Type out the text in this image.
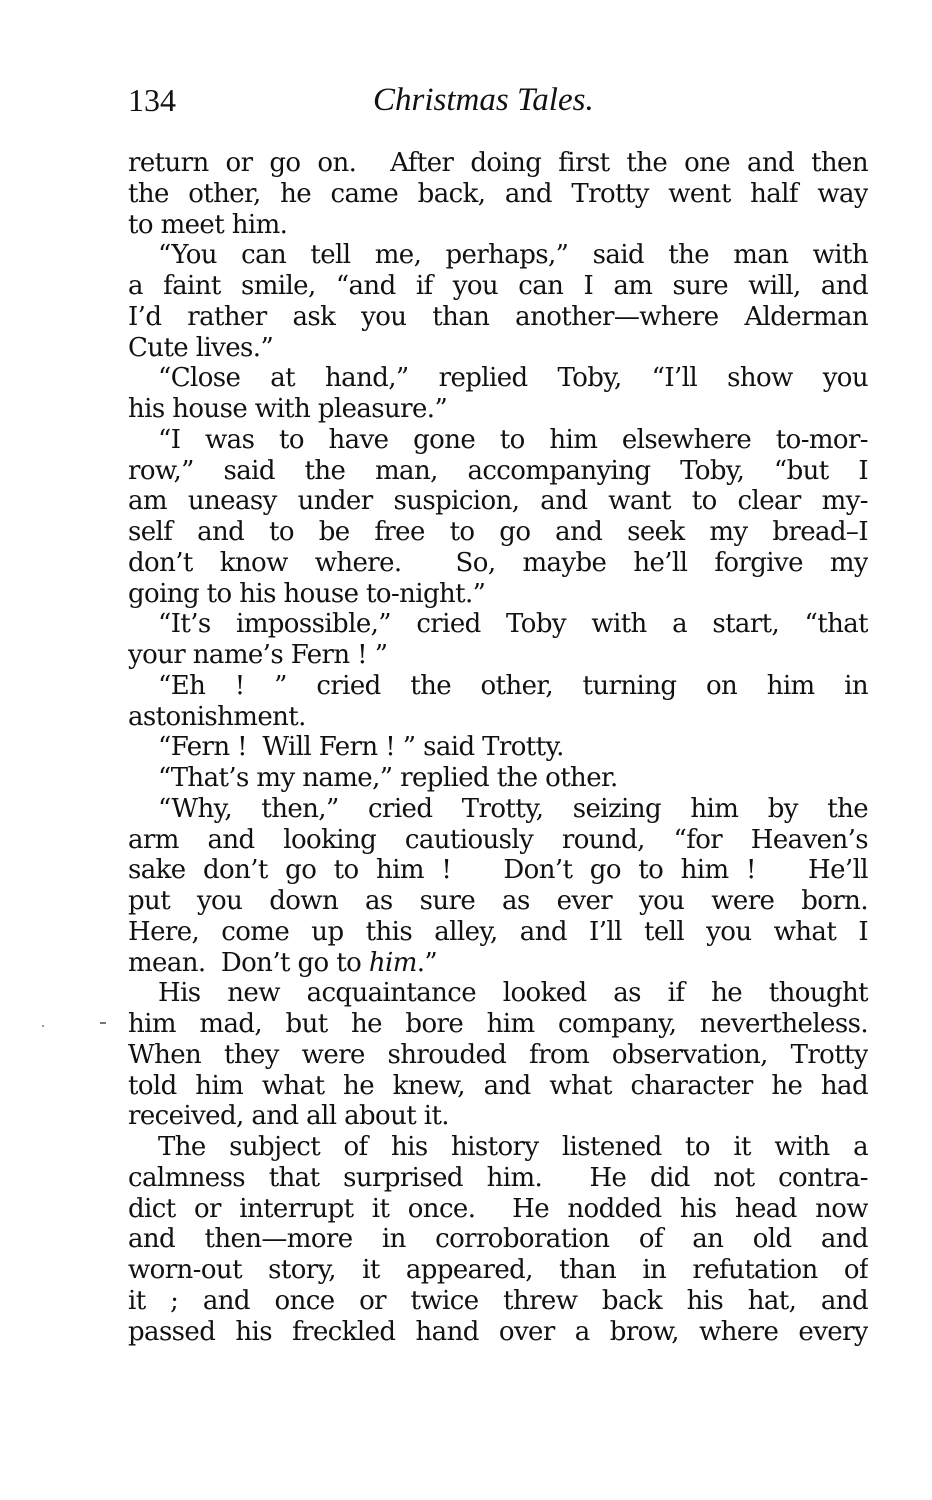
134	Christmas Tales.
return or go on.  After doing first the one and then
the other, he came back, and Trotty went half way
to meet him.
“You can tell me, perhaps,” said the man with
a faint smile, “and if you can I am sure will, and
I’d rather ask you than another—where Alderman
Cute lives.”
“Close at hand,” replied Toby, “I’ll show you
his house with pleasure.”
“I was to have gone to him elsewhere to-mor-
row,” said the man, accompanying Toby, “but I
am uneasy under suspicion, and want to clear my-
self and to be free to go and seek my bread–I
don’t know where.  So, maybe he’ll forgive my
going to his house to-night.”
“It’s impossible,” cried Toby with a start, “that
your name’s Fern ! ”
“Eh ! ” cried the other, turning on him in
astonishment.
“Fern !  Will Fern ! ” said Trotty.
“That’s my name,” replied the other.
“Why, then,” cried Trotty, seizing him by the
arm and looking cautiously round, “for Heaven’s
sake don’t go to him !   Don’t go to him !   He’ll
put you down as sure as ever you were born.
Here, come up this alley, and I’ll tell you what I
mean.  Don’t go to him.”
His new acquaintance looked as if he thought
him mad, but he bore him company, nevertheless.
When they were shrouded from observation, Trotty
told him what he knew, and what character he had
received, and all about it.
The subject of his history listened to it with a
calmness that surprised him.  He did not contra-
dict or interrupt it once.  He nodded his head now
and then—more in corroboration of an old and
worn-out story, it appeared, than in refutation of
it ; and once or twice threw back his hat, and
passed his freckled hand over a brow, where every
